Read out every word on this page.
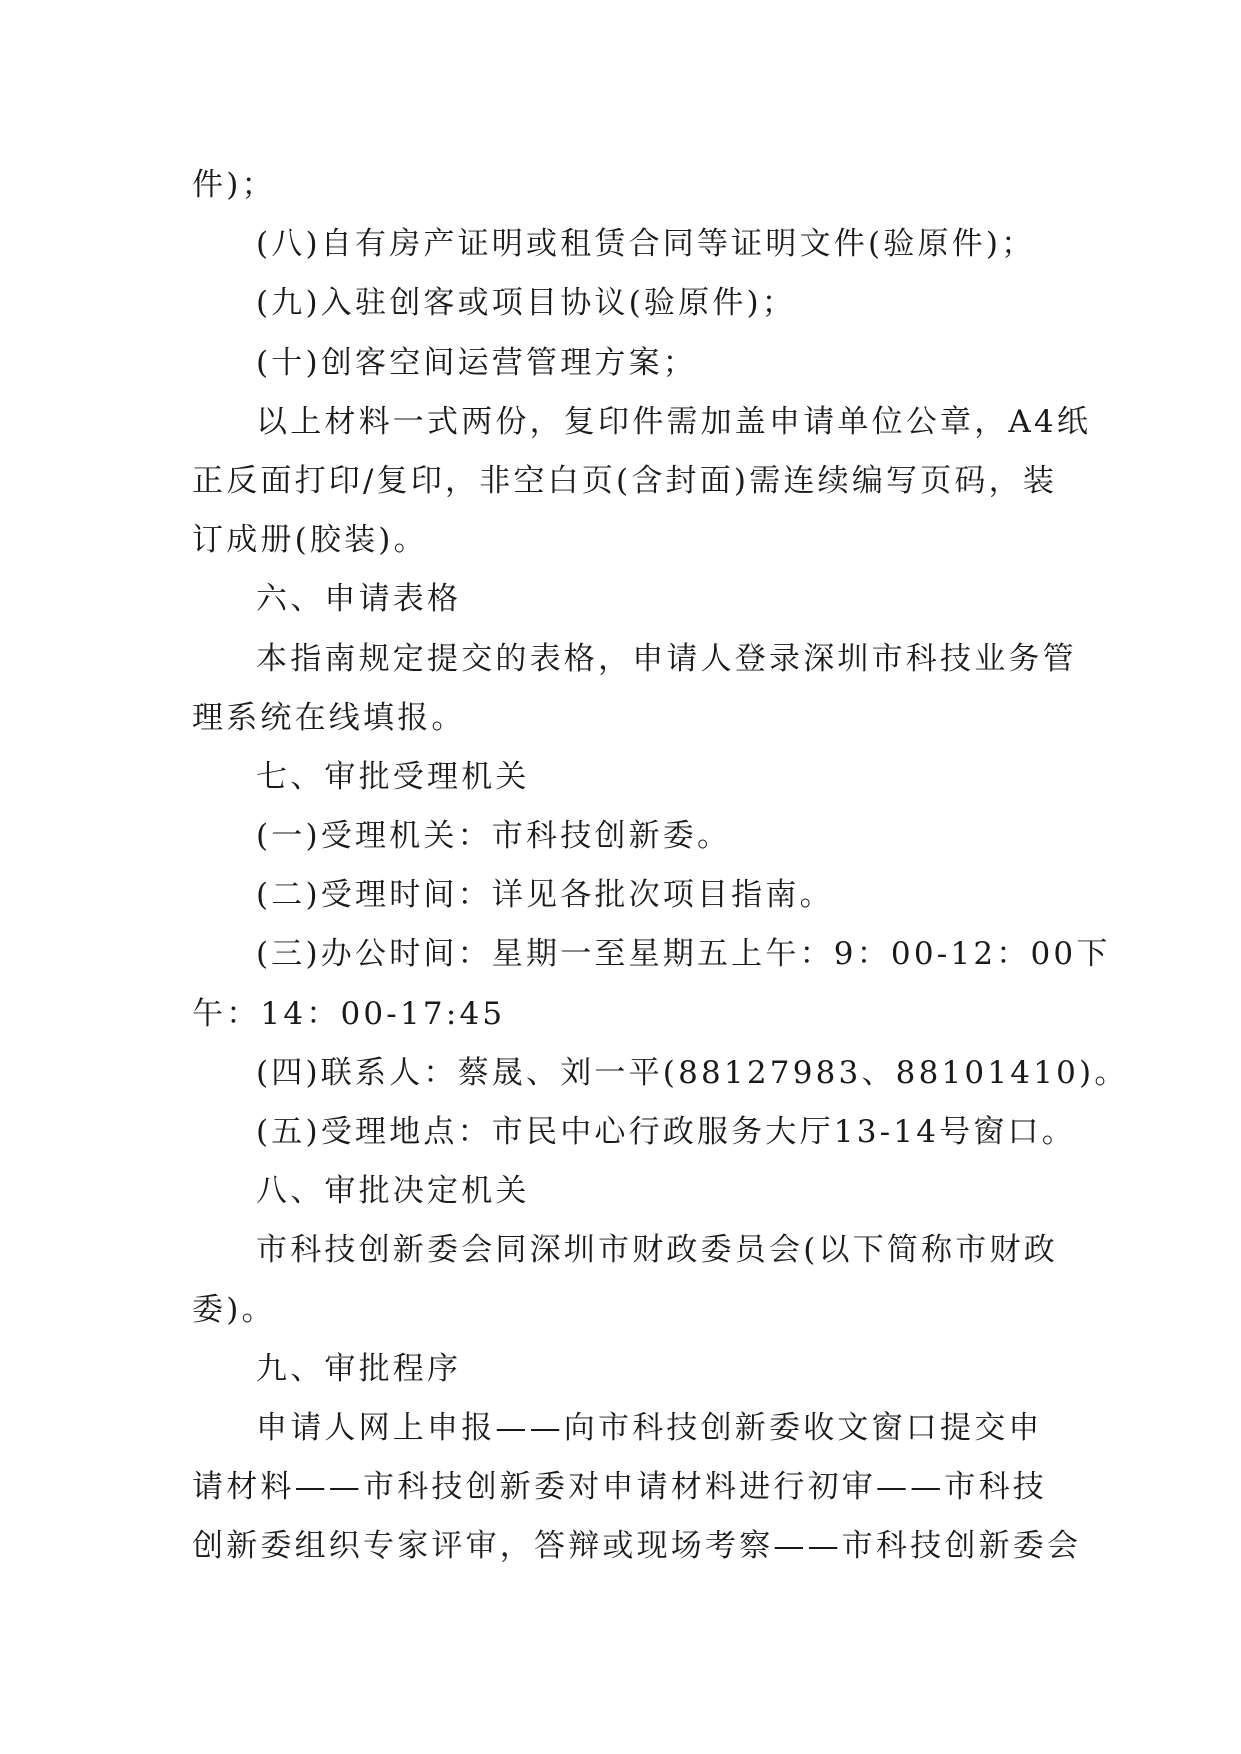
件)；
(八)自有房产证明或租赁合同等证明文件(验原件)；
(九)入驻创客或项目协议(验原件)；
(十)创客空间运营管理方案；
以上材料一式两份，复印件需加盖申请单位公章，A4纸
正反面打印/复印，非空白页(含封面)需连续编写页码，装
订成册(胶装)。
六、申请表格
本指南规定提交的表格，申请人登录深圳市科技业务管
理系统在线填报。
七、审批受理机关
(一)受理机关：市科技创新委。
(二)受理时间：详见各批次项目指南。
(三)办公时间：星期一至星期五上午：9：00-12：00下
午：14：00-17:45
(四)联系人：蔡晟、刘一平(88127983、88101410)。
(五)受理地点：市民中心行政服务大厅13-14号窗口。
八、审批决定机关
市科技创新委会同深圳市财政委员会(以下简称市财政
委)。
九、审批程序
申请人网上申报——向市科技创新委收文窗口提交申
请材料——市科技创新委对申请材料进行初审——市科技
创新委组织专家评审，答辩或现场考察——市科技创新委会
